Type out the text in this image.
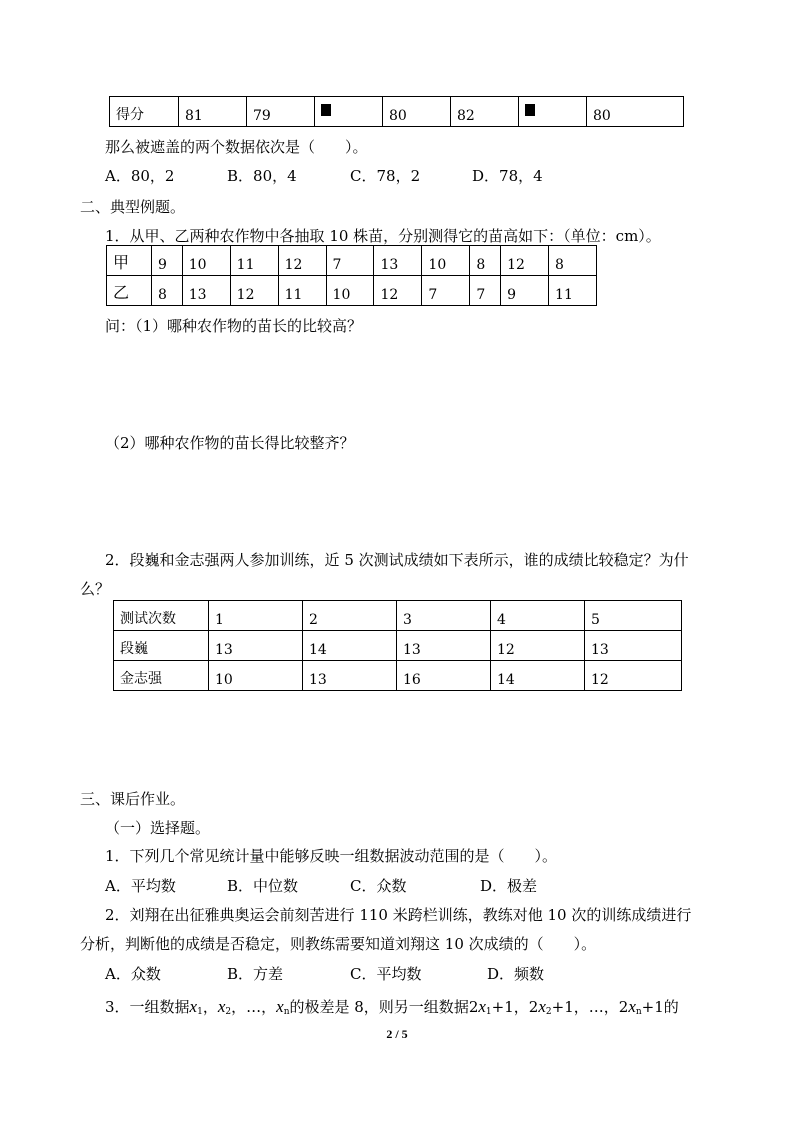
得分	81	79		80	82		80
那么被遮盖的两个数据依次是（　　）。
A．80，2	B．80，4	C．78，2	D．78，4
二、典型例题。
1．从甲、乙两种农作物中各抽取 10 株苗，分别测得它的苗高如下：（单位：cm）。
甲	9	10	11	12	7	13	10	8	12	8
乙	8	13	12	11	10	12	7	7	9	11
问：（1）哪种农作物的苗长的比较高？
（2）哪种农作物的苗长得比较整齐？
2．段巍和金志强两人参加训练，近 5 次测试成绩如下表所示，谁的成绩比较稳定？为什
么？
测试次数	1	2	3	4	5
段巍	13	14	13	12	13
金志强	10	13	16	14	12
三、课后作业。
（一）选择题。
1．下列几个常见统计量中能够反映一组数据波动范围的是（　　）。
A．平均数	B．中位数	C．众数	D．极差
2．刘翔在出征雅典奥运会前刻苦进行 110 米跨栏训练，教练对他 10 次的训练成绩进行
分析，判断他的成绩是否稳定，则教练需要知道刘翔这 10 次成绩的（　　）。
A．众数	B．方差	C．平均数	D．频数
3．一组数据$x_1$，$x_2$，…，$x_n$的极差是 8，则另一组数据$2x_1+1$，$2x_2+1$，…，$2x_n+1$的
2 / 5
